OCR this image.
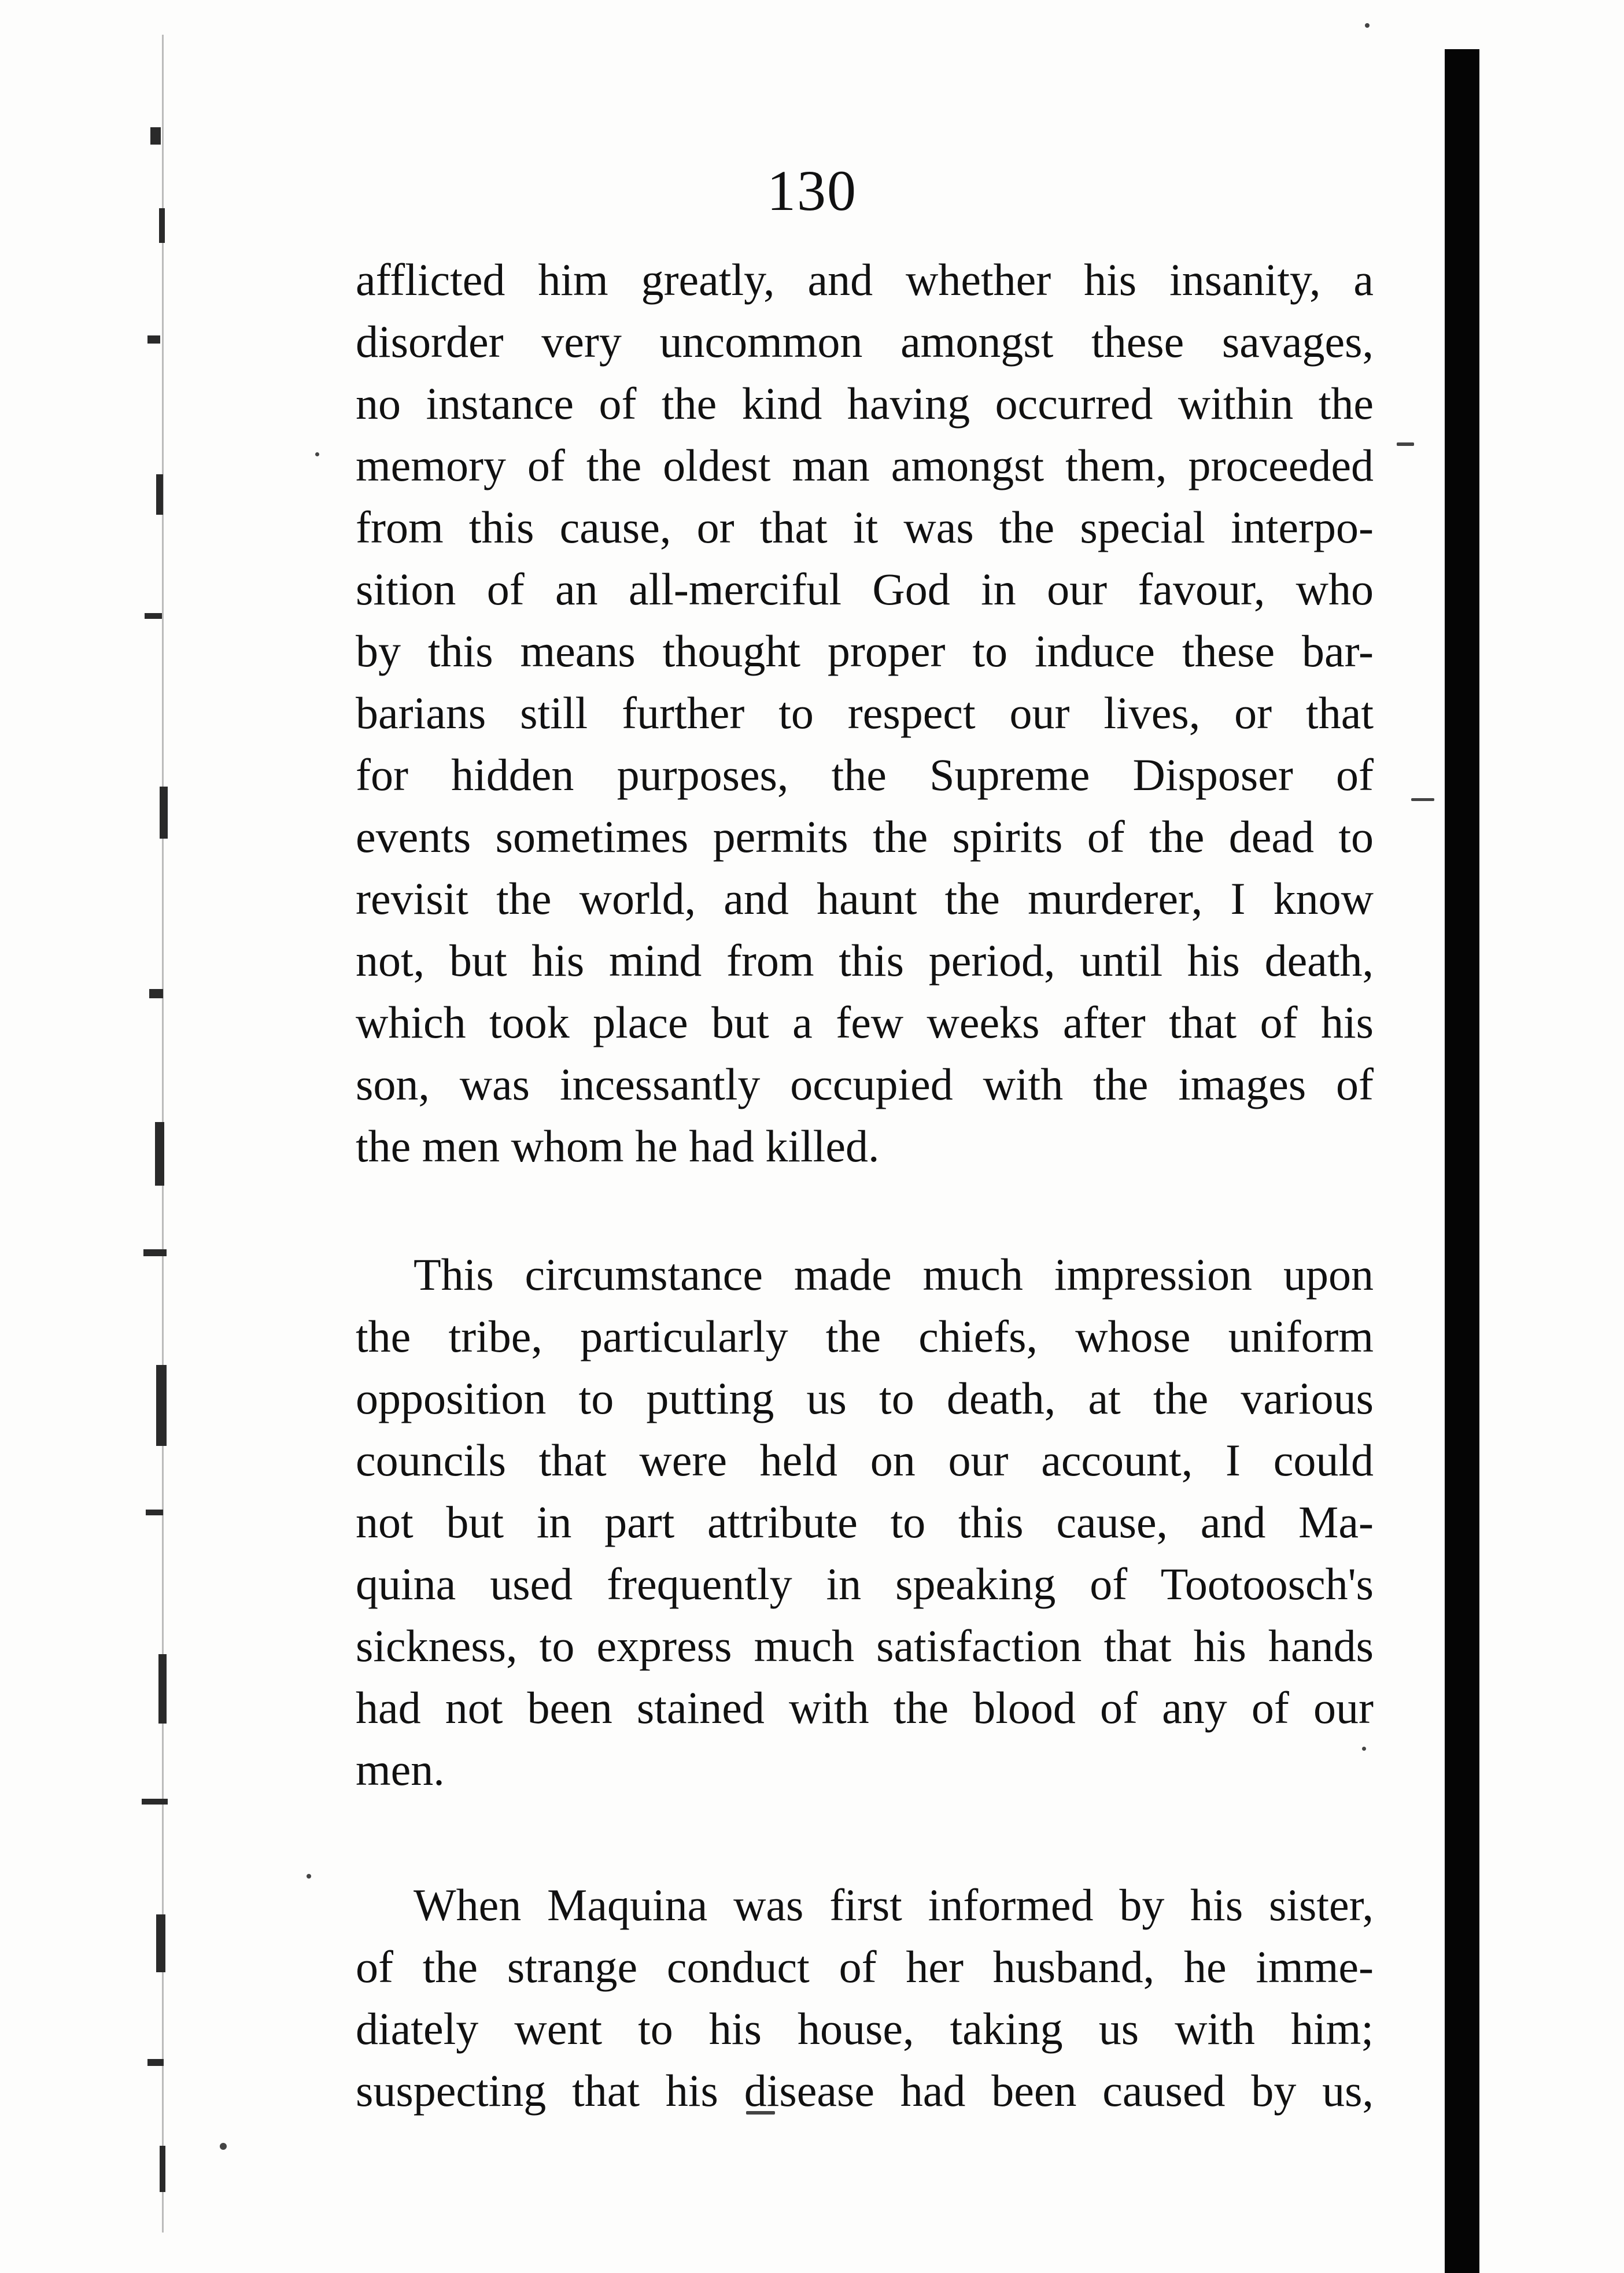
130
afflicted him greatly, and whether his insanity, a
disorder very uncommon amongst these savages,
no instance of the kind having occurred within the
memory of the oldest man amongst them, proceeded
from this cause, or that it was the special interpo-
sition of an all-merciful God in our favour, who
by this means thought proper to induce these bar-
barians still further to respect our lives, or that
for hidden purposes, the Supreme Disposer of
events sometimes permits the spirits of the dead to
revisit the world, and haunt the murderer, I know
not, but his mind from this period, until his death,
which took place but a few weeks after that of his
son, was incessantly occupied with the images of
the men whom he had killed.
This circumstance made much impression upon
the tribe, particularly the chiefs, whose uniform
opposition to putting us to death, at the various
councils that were held on our account, I could
not but in part attribute to this cause, and Ma-
quina used frequently in speaking of Tootoosch's
sickness, to express much satisfaction that his hands
had not been stained with the blood of any of our
men.
When Maquina was first informed by his sister,
of the strange conduct of her husband, he imme-
diately went to his house, taking us with him;
suspecting that his disease had been caused by us,
